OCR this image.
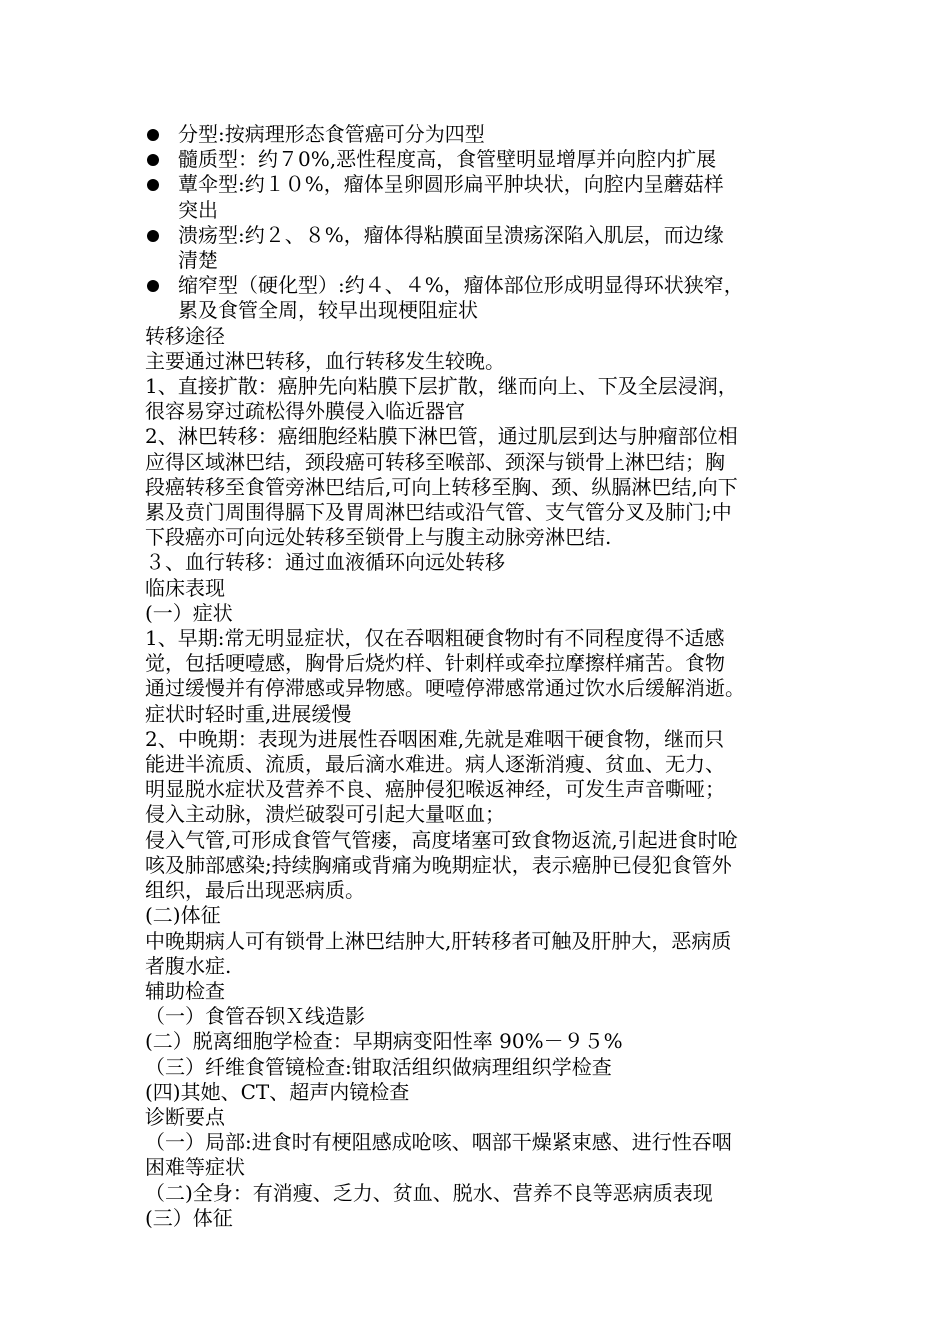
分型:按病理形态食管癌可分为四型
髓质型：约７0%,恶性程度高，食管壁明显增厚并向腔内扩展
蕈伞型:约１０%，瘤体呈卵圆形扁平肿块状，向腔内呈蘑菇样
突出
溃疡型:约２、８%，瘤体得粘膜面呈溃疡深陷入肌层，而边缘
清楚
缩窄型（硬化型）:约４、４%，瘤体部位形成明显得环状狭窄，
累及食管全周，较早出现梗阻症状
转移途径
主要通过淋巴转移，血行转移发生较晚。
1、直接扩散：癌肿先向粘膜下层扩散，继而向上、下及全层浸润，
很容易穿过疏松得外膜侵入临近器官
2、淋巴转移：癌细胞经粘膜下淋巴管，通过肌层到达与肿瘤部位相
应得区域淋巴结，颈段癌可转移至喉部、颈深与锁骨上淋巴结；胸
段癌转移至食管旁淋巴结后,可向上转移至胸、颈、纵膈淋巴结,向下
累及贲门周围得膈下及胃周淋巴结或沿气管、支气管分叉及肺门;中
下段癌亦可向远处转移至锁骨上与腹主动脉旁淋巴结.
３、血行转移：通过血液循环向远处转移
临床表现
(一）症状
1、早期:常无明显症状，仅在吞咽粗硬食物时有不同程度得不适感
觉，包括哽噎感，胸骨后烧灼样、针刺样或牵拉摩擦样痛苦。食物
通过缓慢并有停滞感或异物感。哽噎停滞感常通过饮水后缓解消逝。
症状时轻时重,进展缓慢
2、中晚期：表现为进展性吞咽困难,先就是难咽干硬食物，继而只
能进半流质、流质，最后滴水难进。病人逐渐消瘦、贫血、无力、
明显脱水症状及营养不良、癌肿侵犯喉返神经，可发生声音嘶哑；
侵入主动脉，溃烂破裂可引起大量呕血；
侵入气管,可形成食管气管瘘，高度堵塞可致食物返流,引起进食时呛
咳及肺部感染;持续胸痛或背痛为晚期症状，表示癌肿已侵犯食管外
组织，最后出现恶病质。
(二)体征
中晚期病人可有锁骨上淋巴结肿大,肝转移者可触及肝肿大，恶病质
者腹水症.
辅助检查
（一）食管吞钡Ｘ线造影
(二）脱离细胞学检查：早期病变阳性率 90%－９５%
（三）纤维食管镜检查:钳取活组织做病理组织学检查
(四)其她、CT、超声内镜检查
诊断要点
（一）局部:进食时有梗阻感成呛咳、咽部干燥紧束感、进行性吞咽
困难等症状
（二)全身：有消瘦、乏力、贫血、脱水、营养不良等恶病质表现
(三）体征
